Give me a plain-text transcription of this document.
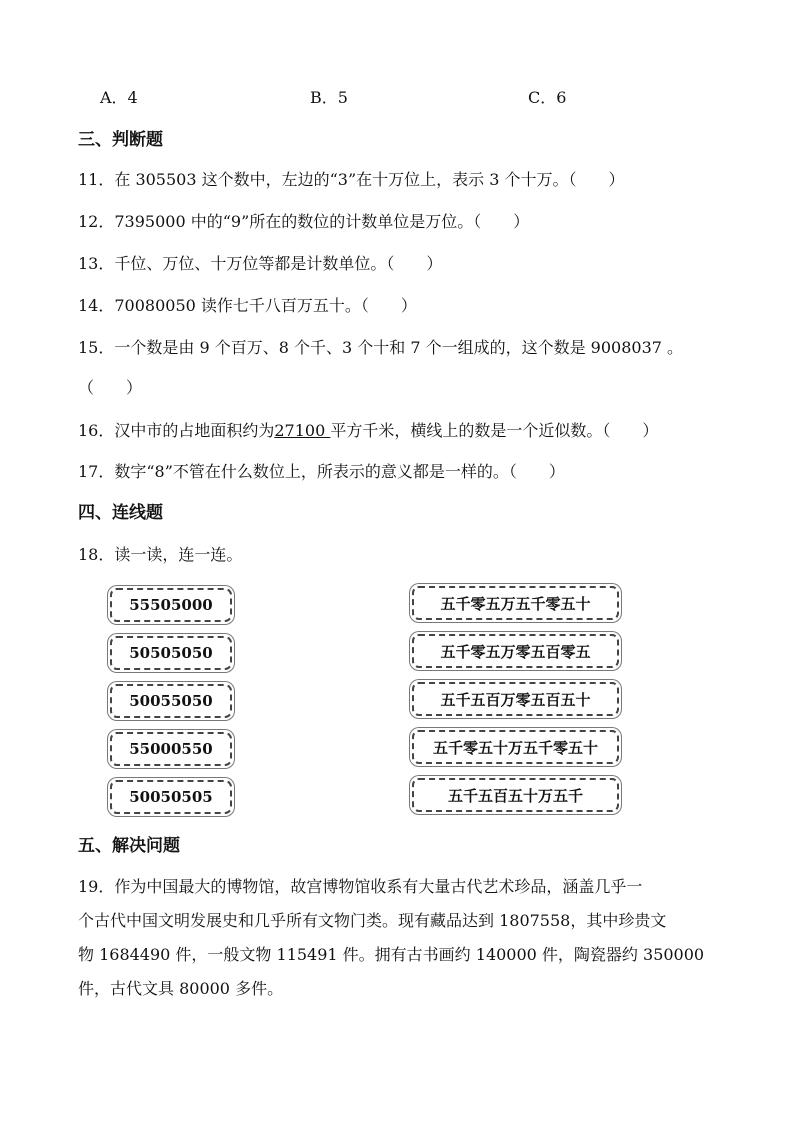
A．4	B．5	C．6
三、判断题
11．在 305503 这个数中，左边的“3”在十万位上，表示 3 个十万。（　　）
12．7395000 中的“9”所在的数位的计数单位是万位。（　　）
13．千位、万位、十万位等都是计数单位。（　　）
14．70080050 读作七千八百万五十。（　　）
15．一个数是由 9 个百万、8 个千、3 个十和 7 个一组成的，这个数是 9008037 。
（　　）
16．汉中市的占地面积约为27100 平方千米，横线上的数是一个近似数。（　　）
17．数字“8”不管在什么数位上，所表示的意义都是一样的。（　　）
四、连线题
18．读一读，连一连。
55505000
50505050
50055050
55000550
50050505
五千零五万五千零五十
五千零五万零五百零五
五千五百万零五百五十
五千零五十万五千零五十
五千五百五十万五千
五、解决问题
19．作为中国最大的博物馆，故宫博物馆收系有大量古代艺术珍品，涵盖几乎一
个古代中国文明发展史和几乎所有文物门类。现有藏品达到 1807558，其中珍贵文
物 1684490 件，一般文物 115491 件。拥有古书画约 140000 件，陶瓷器约 350000
件，古代文具 80000 多件。
